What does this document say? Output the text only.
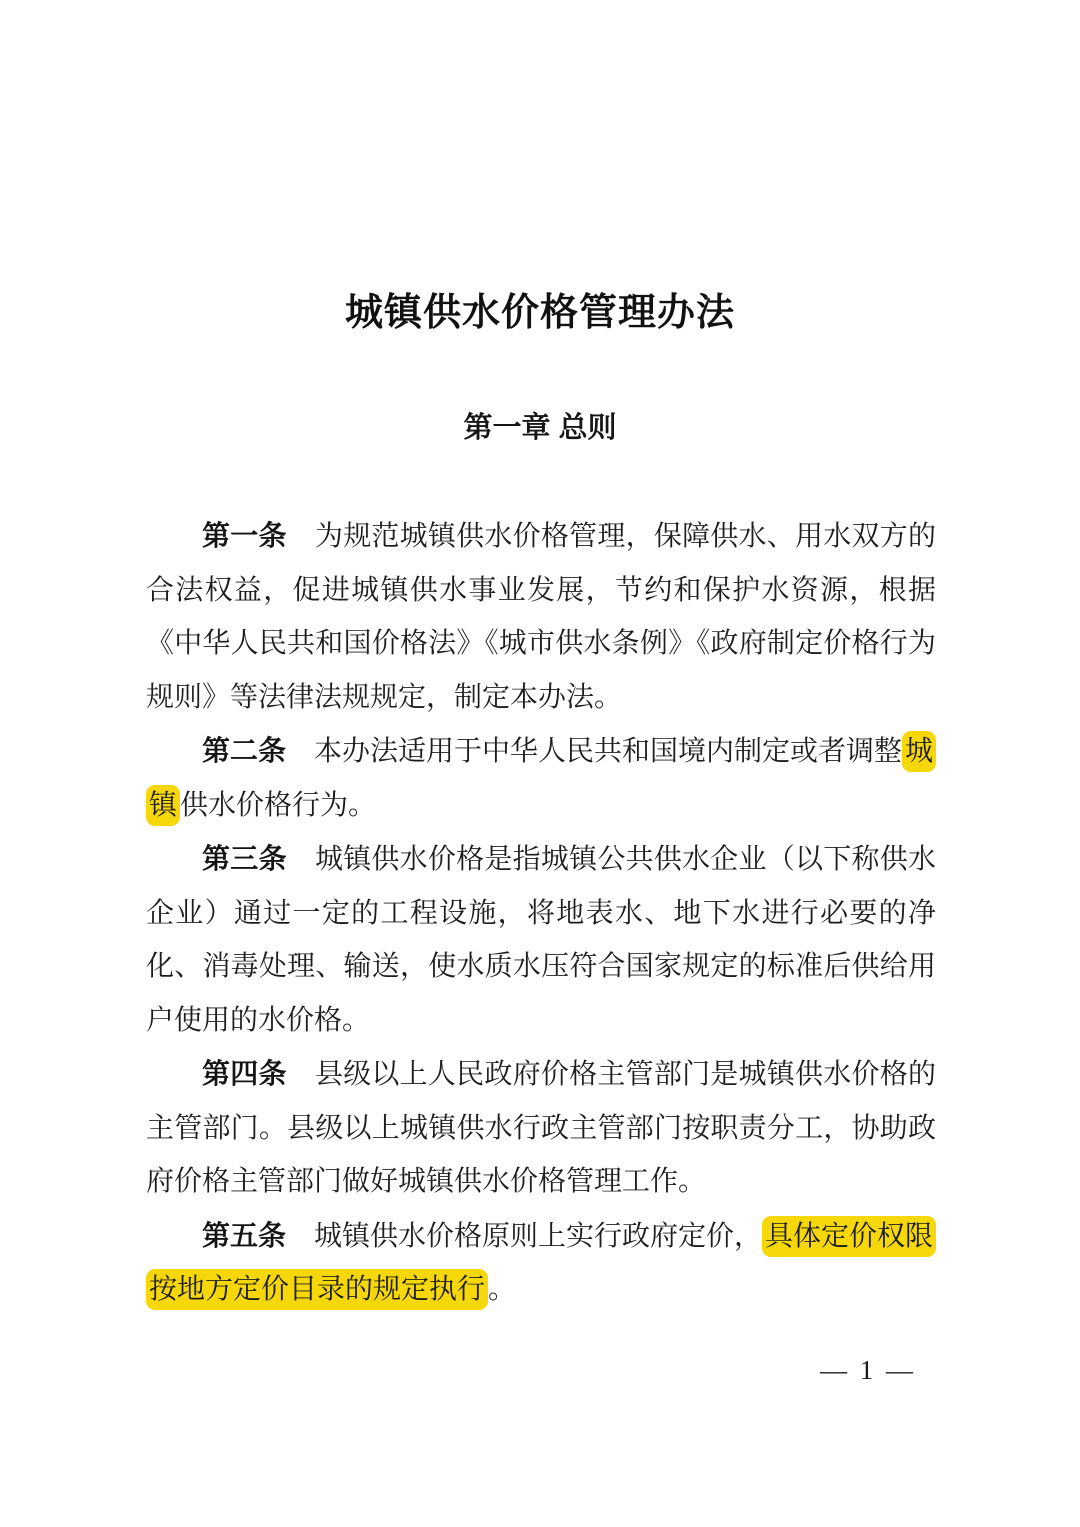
城镇供水价格管理办法
第一章 总则

第一条　为规范城镇供水价格管理，保障供水、用水双方的合法权益，促进城镇供水事业发展，节约和保护水资源，根据《中华人民共和国价格法》《城市供水条例》《政府制定价格行为规则》等法律法规规定，制定本办法。

第二条　本办法适用于中华人民共和国境内制定或者调整 城镇 供水价格行为。

第三条　城镇供水价格是指城镇公共供水企业（以下称供水企业）通过一定的工程设施，将地表水、地下水进行必要的净化、消毒处理、输送，使水质水压符合国家规定的标准后供给用户使用的水价格。

第四条　县级以上人民政府价格主管部门是城镇供水价格的主管部门。县级以上城镇供水行政主管部门按职责分工，协助政府价格主管部门做好城镇供水价格管理工作。

第五条　城镇供水价格原则上实行政府定价， 具体定价权限按地方定价目录的规定执行 。

— 1 —
